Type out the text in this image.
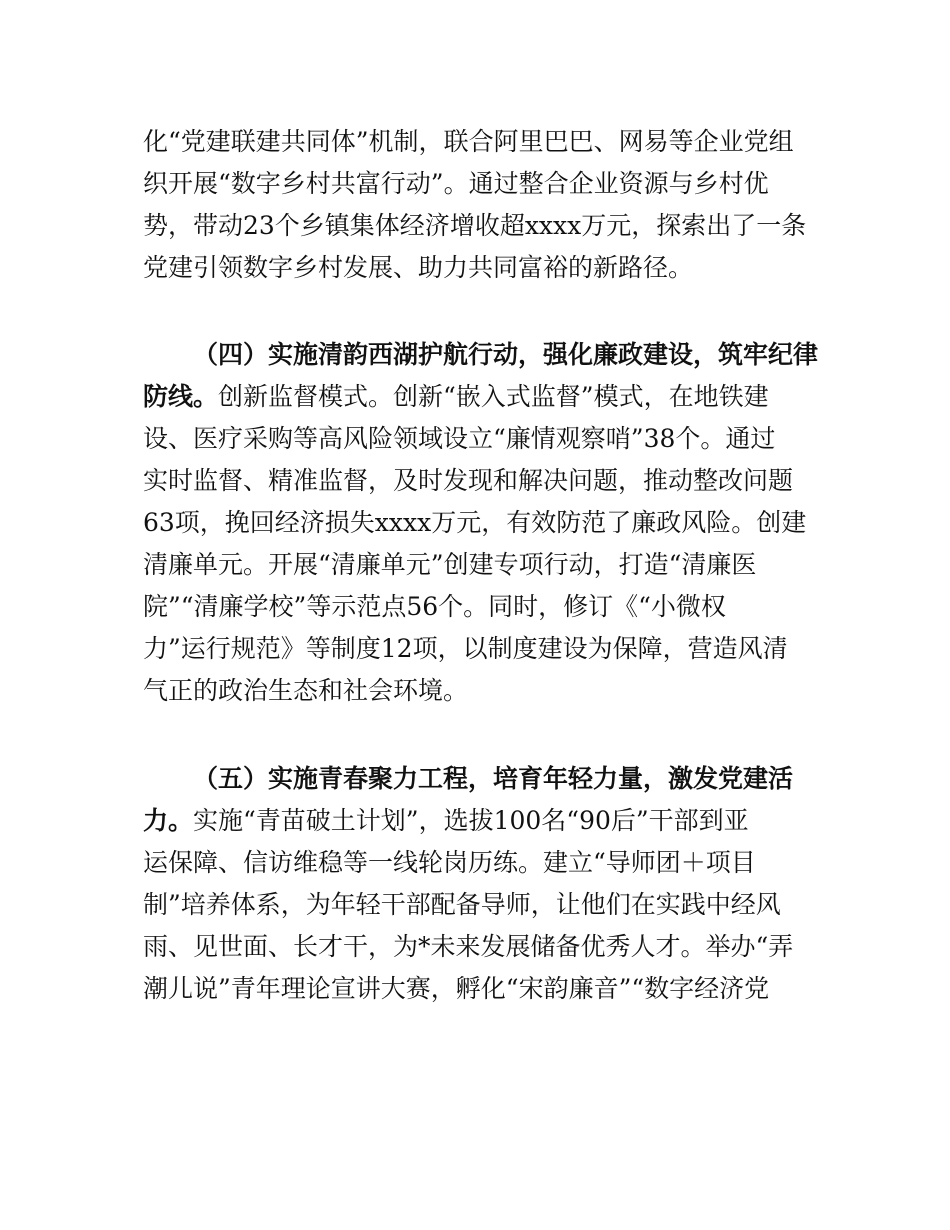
化“党建联建共同体”机制，联合阿里巴巴、网易等企业党组
织开展“数字乡村共富行动”。通过整合企业资源与乡村优
势，带动23个乡镇集体经济增收超xxxx万元，探索出了一条
党建引领数字乡村发展、助力共同富裕的新路径。
（四）实施清韵西湖护航行动，强化廉政建设，筑牢纪律
防线。创新监督模式。创新“嵌入式监督”模式，在地铁建
设、医疗采购等高风险领域设立“廉情观察哨”38个。通过
实时监督、精准监督，及时发现和解决问题，推动整改问题
63项，挽回经济损失xxxx万元，有效防范了廉政风险。创建
清廉单元。开展“清廉单元”创建专项行动，打造“清廉医
院”“清廉学校”等示范点56个。同时，修订《“小微权
力”运行规范》等制度12项，以制度建设为保障，营造风清
气正的政治生态和社会环境。
（五）实施青春聚力工程，培育年轻力量，激发党建活
力。实施“青苗破土计划”，选拔100名“90后”干部到亚
运保障、信访维稳等一线轮岗历练。建立“导师团＋项目
制”培养体系，为年轻干部配备导师，让他们在实践中经风
雨、见世面、长才干，为*未来发展储备优秀人才。举办“弄
潮儿说”青年理论宣讲大赛，孵化“宋韵廉音”“数字经济党
